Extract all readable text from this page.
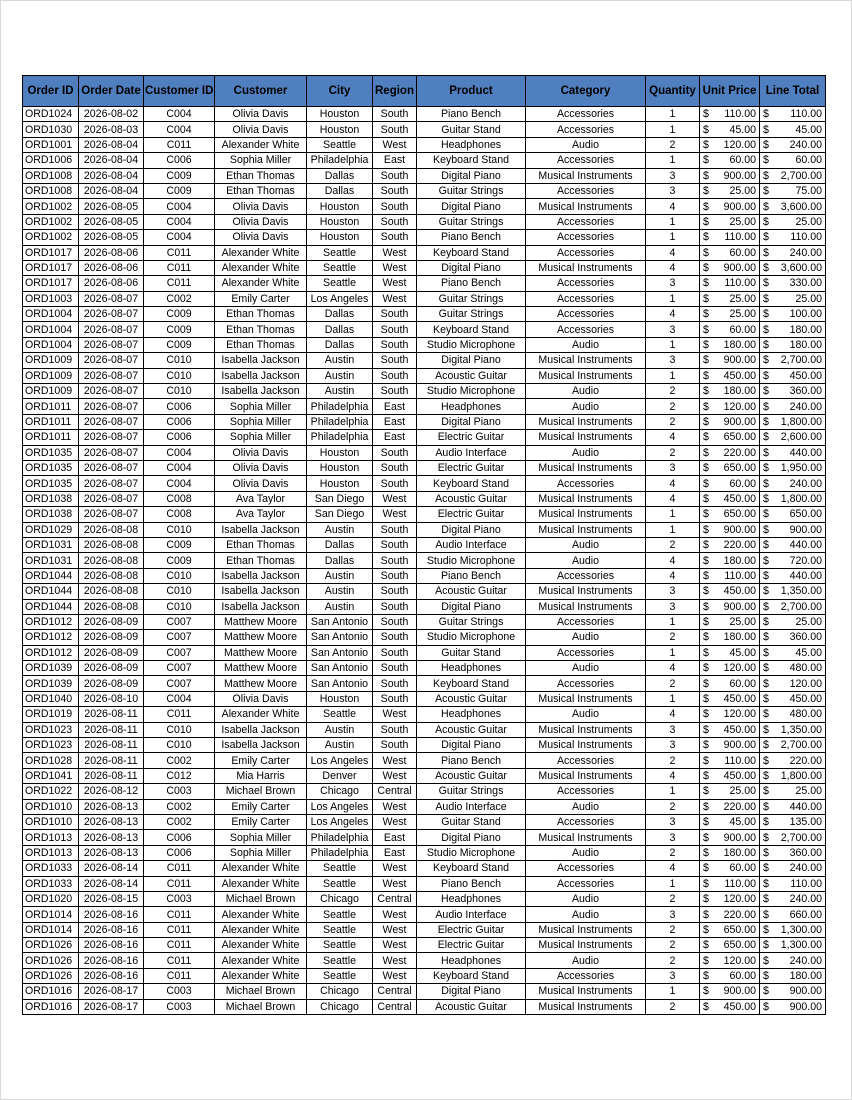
Order ID	Order Date	Customer ID	Customer	City	Region	Product	Category	Quantity	Unit Price	Line Total
ORD1024	2026-08-02	C004	Olivia Davis	Houston	South	Piano Bench	Accessories	1	$ 110.00	$ 110.00

ORD1030	2026-08-03	C004	Olivia Davis	Houston	South	Guitar Stand	Accessories	1	$ 45.00	$ 45.00

ORD1001	2026-08-04	C011	Alexander White	Seattle	West	Headphones	Audio	2	$ 120.00	$ 240.00

ORD1006	2026-08-04	C006	Sophia Miller	Philadelphia	East	Keyboard Stand	Accessories	1	$ 60.00	$ 60.00

ORD1008	2026-08-04	C009	Ethan Thomas	Dallas	South	Digital Piano	Musical Instruments	3	$ 900.00	$ 2,700.00

ORD1008	2026-08-04	C009	Ethan Thomas	Dallas	South	Guitar Strings	Accessories	3	$ 25.00	$ 75.00

ORD1002	2026-08-05	C004	Olivia Davis	Houston	South	Digital Piano	Musical Instruments	4	$ 900.00	$ 3,600.00

ORD1002	2026-08-05	C004	Olivia Davis	Houston	South	Guitar Strings	Accessories	1	$ 25.00	$ 25.00

ORD1002	2026-08-05	C004	Olivia Davis	Houston	South	Piano Bench	Accessories	1	$ 110.00	$ 110.00

ORD1017	2026-08-06	C011	Alexander White	Seattle	West	Keyboard Stand	Accessories	4	$ 60.00	$ 240.00

ORD1017	2026-08-06	C011	Alexander White	Seattle	West	Digital Piano	Musical Instruments	4	$ 900.00	$ 3,600.00

ORD1017	2026-08-06	C011	Alexander White	Seattle	West	Piano Bench	Accessories	3	$ 110.00	$ 330.00

ORD1003	2026-08-07	C002	Emily Carter	Los Angeles	West	Guitar Strings	Accessories	1	$ 25.00	$ 25.00

ORD1004	2026-08-07	C009	Ethan Thomas	Dallas	South	Guitar Strings	Accessories	4	$ 25.00	$ 100.00

ORD1004	2026-08-07	C009	Ethan Thomas	Dallas	South	Keyboard Stand	Accessories	3	$ 60.00	$ 180.00

ORD1004	2026-08-07	C009	Ethan Thomas	Dallas	South	Studio Microphone	Audio	1	$ 180.00	$ 180.00

ORD1009	2026-08-07	C010	Isabella Jackson	Austin	South	Digital Piano	Musical Instruments	3	$ 900.00	$ 2,700.00

ORD1009	2026-08-07	C010	Isabella Jackson	Austin	South	Acoustic Guitar	Musical Instruments	1	$ 450.00	$ 450.00

ORD1009	2026-08-07	C010	Isabella Jackson	Austin	South	Studio Microphone	Audio	2	$ 180.00	$ 360.00

ORD1011	2026-08-07	C006	Sophia Miller	Philadelphia	East	Headphones	Audio	2	$ 120.00	$ 240.00

ORD1011	2026-08-07	C006	Sophia Miller	Philadelphia	East	Digital Piano	Musical Instruments	2	$ 900.00	$ 1,800.00

ORD1011	2026-08-07	C006	Sophia Miller	Philadelphia	East	Electric Guitar	Musical Instruments	4	$ 650.00	$ 2,600.00

ORD1035	2026-08-07	C004	Olivia Davis	Houston	South	Audio Interface	Audio	2	$ 220.00	$ 440.00

ORD1035	2026-08-07	C004	Olivia Davis	Houston	South	Electric Guitar	Musical Instruments	3	$ 650.00	$ 1,950.00

ORD1035	2026-08-07	C004	Olivia Davis	Houston	South	Keyboard Stand	Accessories	4	$ 60.00	$ 240.00

ORD1038	2026-08-07	C008	Ava Taylor	San Diego	West	Acoustic Guitar	Musical Instruments	4	$ 450.00	$ 1,800.00

ORD1038	2026-08-07	C008	Ava Taylor	San Diego	West	Electric Guitar	Musical Instruments	1	$ 650.00	$ 650.00

ORD1029	2026-08-08	C010	Isabella Jackson	Austin	South	Digital Piano	Musical Instruments	1	$ 900.00	$ 900.00

ORD1031	2026-08-08	C009	Ethan Thomas	Dallas	South	Audio Interface	Audio	2	$ 220.00	$ 440.00

ORD1031	2026-08-08	C009	Ethan Thomas	Dallas	South	Studio Microphone	Audio	4	$ 180.00	$ 720.00

ORD1044	2026-08-08	C010	Isabella Jackson	Austin	South	Piano Bench	Accessories	4	$ 110.00	$ 440.00

ORD1044	2026-08-08	C010	Isabella Jackson	Austin	South	Acoustic Guitar	Musical Instruments	3	$ 450.00	$ 1,350.00

ORD1044	2026-08-08	C010	Isabella Jackson	Austin	South	Digital Piano	Musical Instruments	3	$ 900.00	$ 2,700.00

ORD1012	2026-08-09	C007	Matthew Moore	San Antonio	South	Guitar Strings	Accessories	1	$ 25.00	$ 25.00

ORD1012	2026-08-09	C007	Matthew Moore	San Antonio	South	Studio Microphone	Audio	2	$ 180.00	$ 360.00

ORD1012	2026-08-09	C007	Matthew Moore	San Antonio	South	Guitar Stand	Accessories	1	$ 45.00	$ 45.00

ORD1039	2026-08-09	C007	Matthew Moore	San Antonio	South	Headphones	Audio	4	$ 120.00	$ 480.00

ORD1039	2026-08-09	C007	Matthew Moore	San Antonio	South	Keyboard Stand	Accessories	2	$ 60.00	$ 120.00

ORD1040	2026-08-10	C004	Olivia Davis	Houston	South	Acoustic Guitar	Musical Instruments	1	$ 450.00	$ 450.00

ORD1019	2026-08-11	C011	Alexander White	Seattle	West	Headphones	Audio	4	$ 120.00	$ 480.00

ORD1023	2026-08-11	C010	Isabella Jackson	Austin	South	Acoustic Guitar	Musical Instruments	3	$ 450.00	$ 1,350.00

ORD1023	2026-08-11	C010	Isabella Jackson	Austin	South	Digital Piano	Musical Instruments	3	$ 900.00	$ 2,700.00

ORD1028	2026-08-11	C002	Emily Carter	Los Angeles	West	Piano Bench	Accessories	2	$ 110.00	$ 220.00

ORD1041	2026-08-11	C012	Mia Harris	Denver	West	Acoustic Guitar	Musical Instruments	4	$ 450.00	$ 1,800.00

ORD1022	2026-08-12	C003	Michael Brown	Chicago	Central	Guitar Strings	Accessories	1	$ 25.00	$ 25.00

ORD1010	2026-08-13	C002	Emily Carter	Los Angeles	West	Audio Interface	Audio	2	$ 220.00	$ 440.00

ORD1010	2026-08-13	C002	Emily Carter	Los Angeles	West	Guitar Stand	Accessories	3	$ 45.00	$ 135.00

ORD1013	2026-08-13	C006	Sophia Miller	Philadelphia	East	Digital Piano	Musical Instruments	3	$ 900.00	$ 2,700.00

ORD1013	2026-08-13	C006	Sophia Miller	Philadelphia	East	Studio Microphone	Audio	2	$ 180.00	$ 360.00

ORD1033	2026-08-14	C011	Alexander White	Seattle	West	Keyboard Stand	Accessories	4	$ 60.00	$ 240.00

ORD1033	2026-08-14	C011	Alexander White	Seattle	West	Piano Bench	Accessories	1	$ 110.00	$ 110.00

ORD1020	2026-08-15	C003	Michael Brown	Chicago	Central	Headphones	Audio	2	$ 120.00	$ 240.00

ORD1014	2026-08-16	C011	Alexander White	Seattle	West	Audio Interface	Audio	3	$ 220.00	$ 660.00

ORD1014	2026-08-16	C011	Alexander White	Seattle	West	Electric Guitar	Musical Instruments	2	$ 650.00	$ 1,300.00

ORD1026	2026-08-16	C011	Alexander White	Seattle	West	Electric Guitar	Musical Instruments	2	$ 650.00	$ 1,300.00

ORD1026	2026-08-16	C011	Alexander White	Seattle	West	Headphones	Audio	2	$ 120.00	$ 240.00

ORD1026	2026-08-16	C011	Alexander White	Seattle	West	Keyboard Stand	Accessories	3	$ 60.00	$ 180.00

ORD1016	2026-08-17	C003	Michael Brown	Chicago	Central	Digital Piano	Musical Instruments	1	$ 900.00	$ 900.00

ORD1016	2026-08-17	C003	Michael Brown	Chicago	Central	Acoustic Guitar	Musical Instruments	2	$ 450.00	$ 900.00
